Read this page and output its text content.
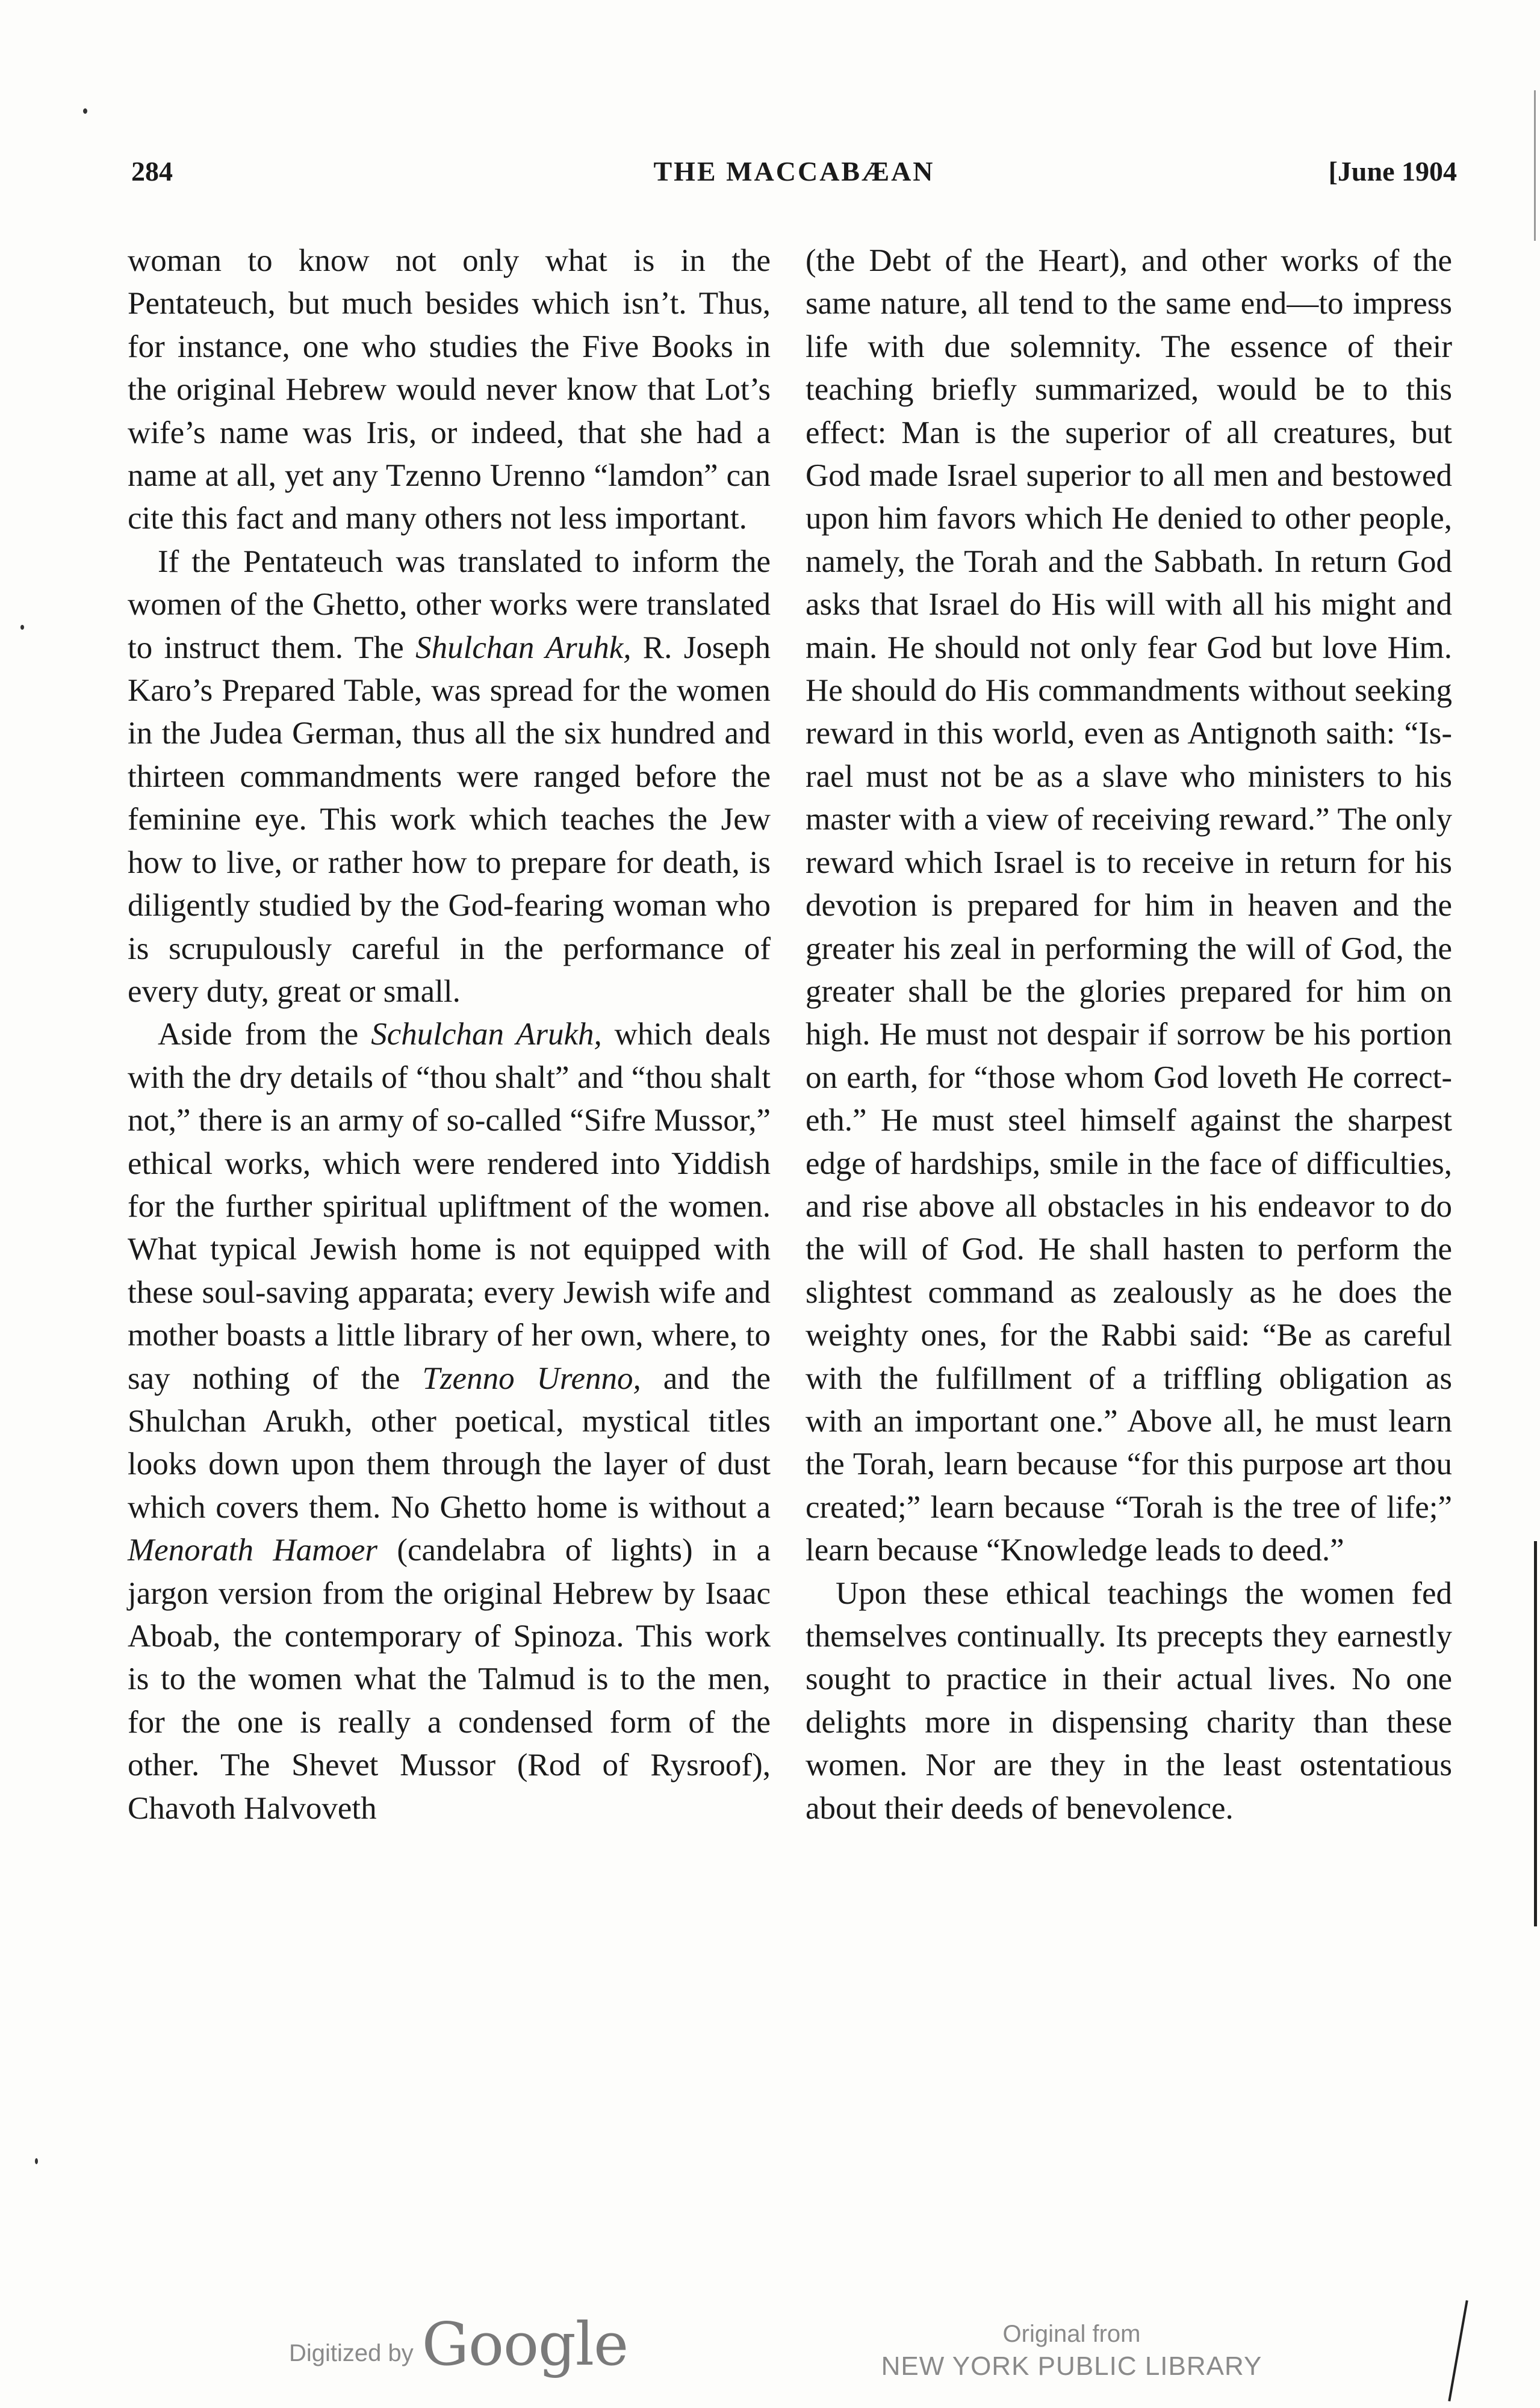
284	THE MACCABÆAN	[June 1904

woman to know not only what is in the Pentateuch, but much besides which isn’t. Thus, for instance, one who studies the Five Books in the original Hebrew would never know that Lot’s wife’s name was Iris, or indeed, that she had a name at all, yet any Tzenno Urenno “lamdon” can cite this fact and many others not less important.

If the Pentateuch was translated to inform the women of the Ghetto, other works were translated to instruct them. The Shulchan Aruhk, R. Joseph Karo’s Prepared Table, was spread for the women in the Judea German, thus all the six hundred and thirteen commandments were ranged before the feminine eye. This work which teaches the Jew how to live, or rather how to prepare for death, is diligently studied by the God-fearing woman who is scrupulously careful in the performance of every duty, great or small.

Aside from the Schulchan Arukh, which deals with the dry details of “thou shalt” and “thou shalt not,” there is an army of so-called “Sifre Mussor,” ethical works, which were rendered into Yiddish for the further spiritual upliftment of the women. What typical Jewish home is not equipped with these soul-saving apparata; every Jewish wife and mother boasts a little library of her own, where, to say nothing of the Tzenno Urenno, and the Shulchan Arukh, other poetical, mystical titles looks down upon them through the layer of dust which covers them. No Ghetto home is without a Menorath Hamoer (candelabra of lights) in a jargon version from the original Hebrew by Isaac Aboab, the contemporary of Spinoza. This work is to the women what the Talmud is to the men, for the one is really a condensed form of the other. The Shevet Mussor (Rod of Rysroof), Chavoth Halvoveth

(the Debt of the Heart), and other works of the same nature, all tend to the same end—to impress life with due solemnity. The essence of their teaching briefly summarized, would be to this effect: Man is the superior of all creatures, but God made Israel superior to all men and bestowed upon him favors which He denied to other people, namely, the Torah and the Sabbath. In return God asks that Israel do His will with all his might and main. He should not only fear God but love Him. He should do His commandments without seeking reward in this world, even as Antignoth saith: “Israel must not be as a slave who ministers to his master with a view of receiving reward.” The only reward which Israel is to receive in return for his devotion is prepared for him in heaven and the greater his zeal in performing the will of God, the greater shall be the glories prepared for him on high. He must not despair if sorrow be his portion on earth, for “those whom God loveth He correcteth.” He must steel himself against the sharpest edge of hardships, smile in the face of difficulties, and rise above all obstacles in his endeavor to do the will of God. He shall hasten to perform the slightest command as zealously as he does the weighty ones, for the Rabbi said: “Be as careful with the fulfillment of a triffling obligation as with an important one.” Above all, he must learn the Torah, learn because “for this purpose art thou created;” learn because “Torah is the tree of life;” learn because “Knowledge leads to deed.”

Upon these ethical teachings the women fed themselves continually. Its precepts they earnestly sought to practice in their actual lives. No one delights more in dispensing charity than these women. Nor are they in the least ostentatious about their deeds of benevolence.

Digitized by Google	Original from
NEW YORK PUBLIC LIBRARY
